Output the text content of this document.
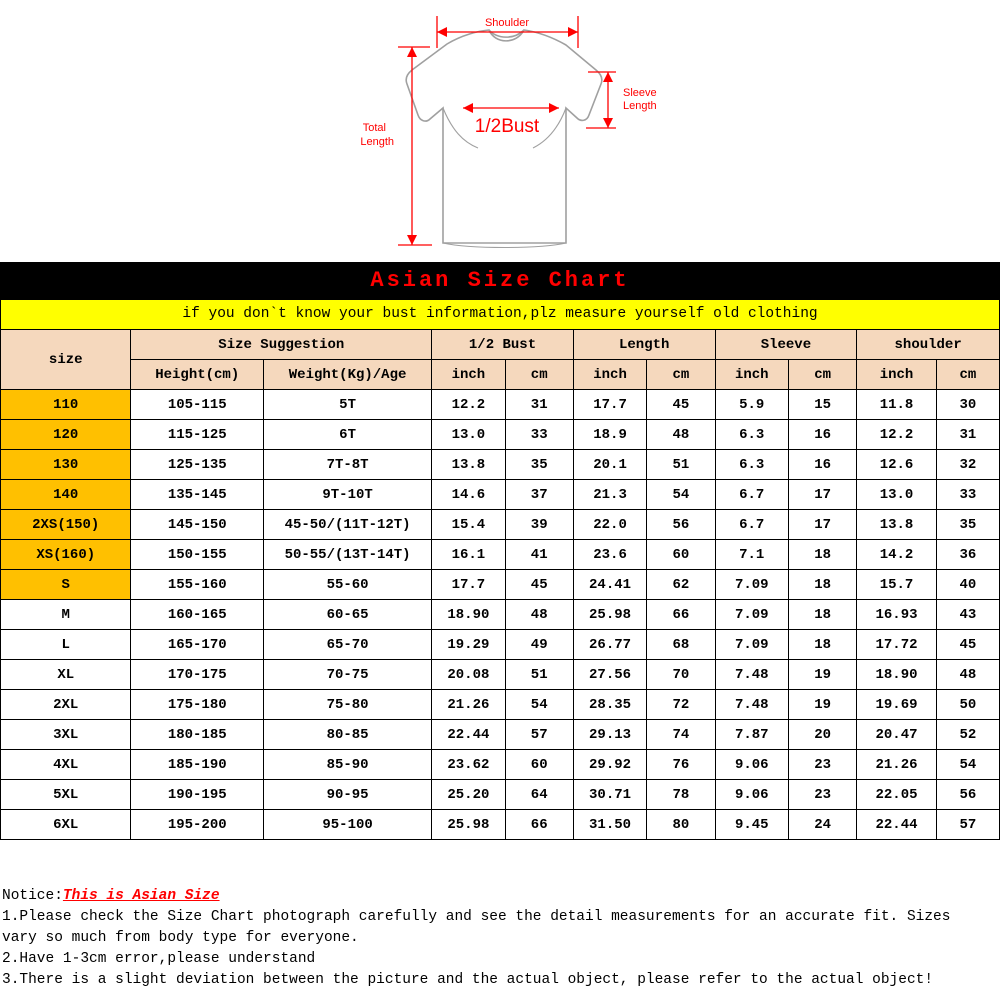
Shoulder
Sleeve
Length
Total
Length
1/2Bust
Asian Size Chart
if you don`t know your bust information,plz measure yourself old clothing
size	Size Suggestion		1/2 Bust		Length		Sleeve		shoulder	
	Height(cm)	Weight(Kg)/Age	inch	cm	inch	cm	inch	cm	inch	cm
110	105-115	5T	12.2	31	17.7	45	5.9	15	11.8	30
120	115-125	6T	13.0	33	18.9	48	6.3	16	12.2	31
130	125-135	7T-8T	13.8	35	20.1	51	6.3	16	12.6	32
140	135-145	9T-10T	14.6	37	21.3	54	6.7	17	13.0	33
2XS(150)	145-150	45-50/(11T-12T)	15.4	39	22.0	56	6.7	17	13.8	35
XS(160)	150-155	50-55/(13T-14T)	16.1	41	23.6	60	7.1	18	14.2	36
S	155-160	55-60	17.7	45	24.41	62	7.09	18	15.7	40
M	160-165	60-65	18.90	48	25.98	66	7.09	18	16.93	43
L	165-170	65-70	19.29	49	26.77	68	7.09	18	17.72	45
XL	170-175	70-75	20.08	51	27.56	70	7.48	19	18.90	48
2XL	175-180	75-80	21.26	54	28.35	72	7.48	19	19.69	50
3XL	180-185	80-85	22.44	57	29.13	74	7.87	20	20.47	52
4XL	185-190	85-90	23.62	60	29.92	76	9.06	23	21.26	54
5XL	190-195	90-95	25.20	64	30.71	78	9.06	23	22.05	56
6XL	195-200	95-100	25.98	66	31.50	80	9.45	24	22.44	57

Notice:This is Asian Size

1.Please check the Size Chart photograph carefully and see the detail measurements for an accurate fit. Sizes

vary so much from body type for everyone.

2.Have 1-3cm error,please understand

3.There is a slight deviation between the picture and the actual object, please refer to the actual object!
